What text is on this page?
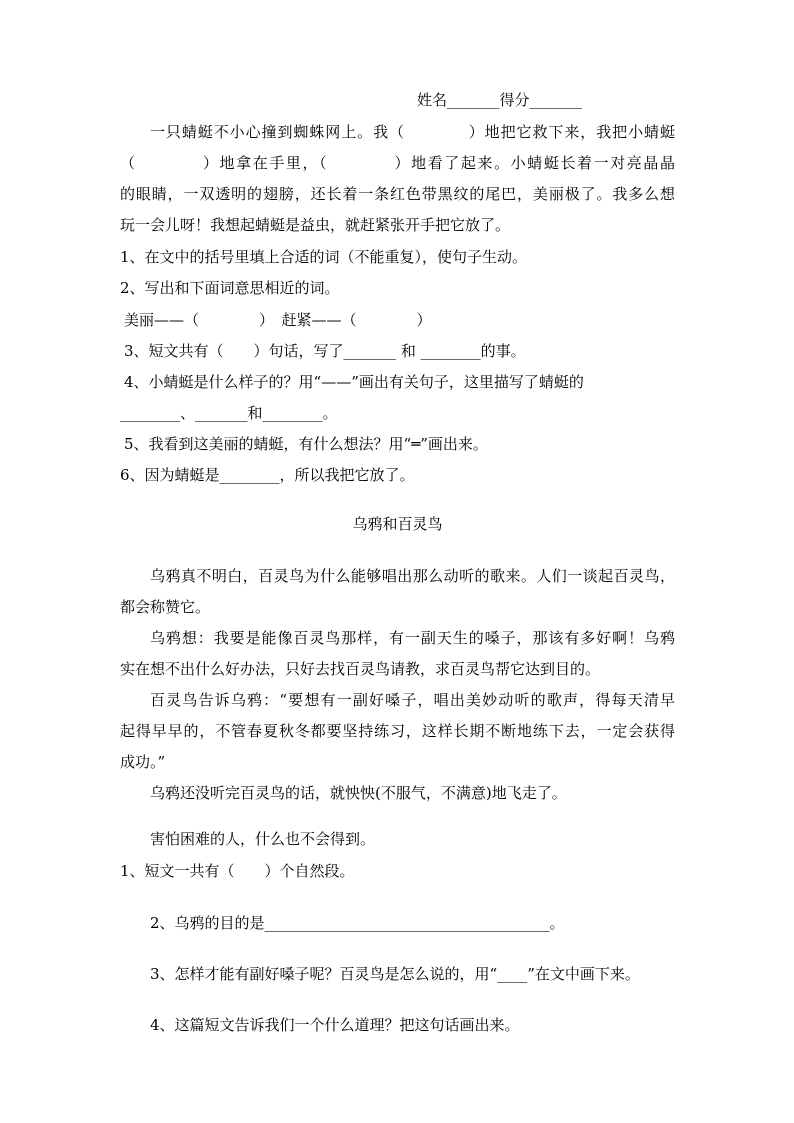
姓名_______得分_______
一只蜻蜓不小心撞到蜘蛛网上。我（　　　　）地把它救下来，我把小蜻蜓
（　　　　）地拿在手里，（　　　　）地看了起来。小蜻蜓长着一对亮晶晶
的眼睛，一双透明的翅膀，还长着一条红色带黑纹的尾巴，美丽极了。我多么想
玩一会儿呀！我想起蜻蜓是益虫，就赶紧张开手把它放了。
1、在文中的括号里填上合适的词（不能重复），使句子生动。
2、写出和下面词意思相近的词。
美丽——（　　　　）　赶紧——（　　　　）
3、短文共有（　　）句话，写了_______ 和 ________的事。
4、小蜻蜓是什么样子的？用“——”画出有关句子，这里描写了蜻蜓的
________、_______和________。
5、我看到这美丽的蜻蜓，有什么想法？用“═”画出来。
6、因为蜻蜓是________，所以我把它放了。
乌鸦和百灵鸟
乌鸦真不明白，百灵鸟为什么能够唱出那么动听的歌来。人们一谈起百灵鸟，
都会称赞它。
乌鸦想：我要是能像百灵鸟那样，有一副天生的嗓子，那该有多好啊！乌鸦
实在想不出什么好办法，只好去找百灵鸟请教，求百灵鸟帮它达到目的。
百灵鸟告诉乌鸦：“要想有一副好嗓子，唱出美妙动听的歌声，得每天清早
起得早早的，不管春夏秋冬都要坚持练习，这样长期不断地练下去，一定会获得
成功。”
乌鸦还没听完百灵鸟的话，就怏怏(不服气，不满意)地飞走了。
害怕困难的人，什么也不会得到。
1、短文一共有（　　）个自然段。
2、乌鸦的目的是______________________________________。
3、怎样才能有副好嗓子呢？百灵鸟是怎么说的，用“____”在文中画下来。
4、这篇短文告诉我们一个什么道理？把这句话画出来。
